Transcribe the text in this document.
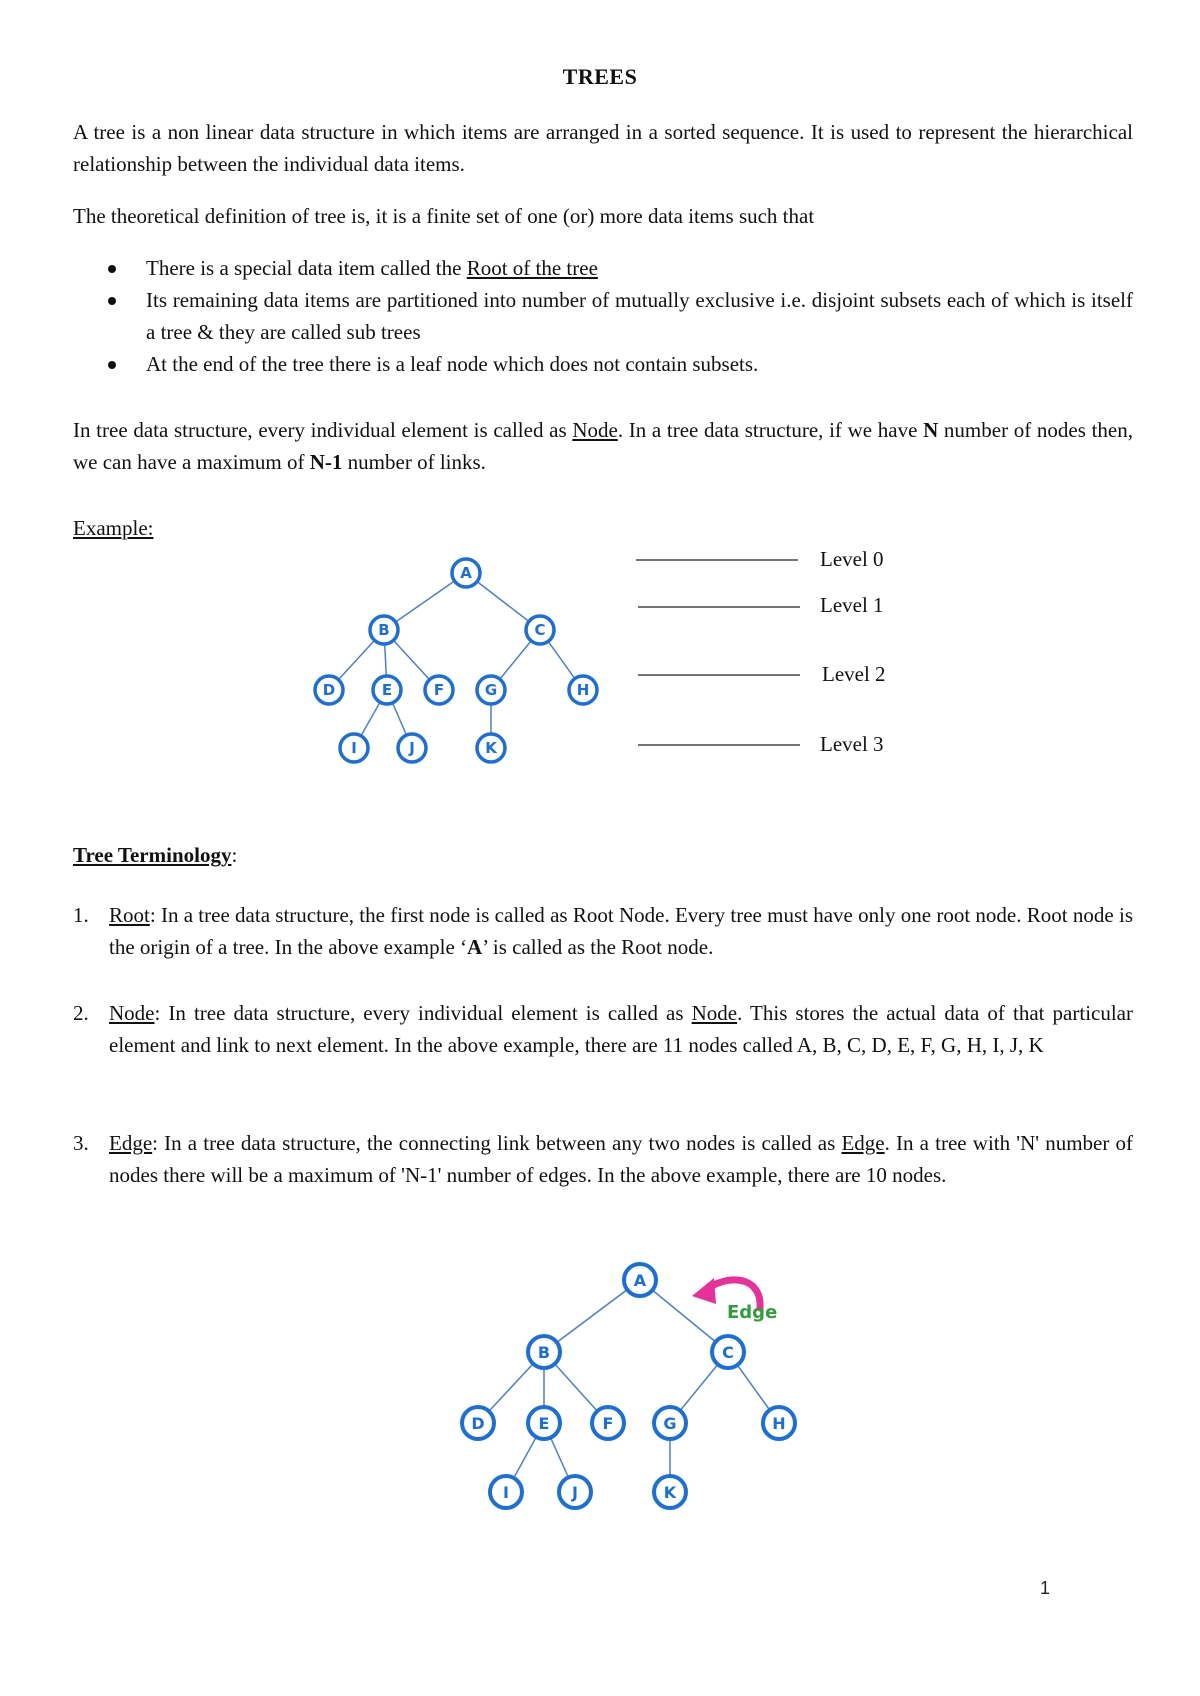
TREES
A tree is a non linear data structure in which items are arranged in a sorted sequence. It is used to represent the hierarchical relationship between the individual data items.
The theoretical definition of tree is, it is a finite set of one (or) more data items such that
There is a special data item called the Root of the tree
Its remaining data items are partitioned into number of mutually exclusive i.e. disjoint subsets each of which is itself a tree & they are called sub trees
At the end of the tree there is a leaf node which does not contain subsets.
In tree data structure, every individual element is called as Node. In a tree data structure, if we have N number of nodes then, we can have a maximum of N-1 number of links.
Example:
A
B	C
D	E	F	G	H
I	J	K
Level 0
Level 1
Level 2
Level 3
Tree Terminology:
1. Root: In a tree data structure, the first node is called as Root Node. Every tree must have only one root node. Root node is the origin of a tree. In the above example ‘A’ is called as the Root node.
2. Node: In tree data structure, every individual element is called as Node. This stores the actual data of that particular element and link to next element. In the above example, there are 11 nodes called A, B, C, D, E, F, G, H, I, J, K
3. Edge: In a tree data structure, the connecting link between any two nodes is called as Edge. In a tree with 'N' number of nodes there will be a maximum of 'N-1' number of edges. In the above example, there are 10 nodes.
A
B	C
D	E	F	G	H
I	J	K
Edge
1
